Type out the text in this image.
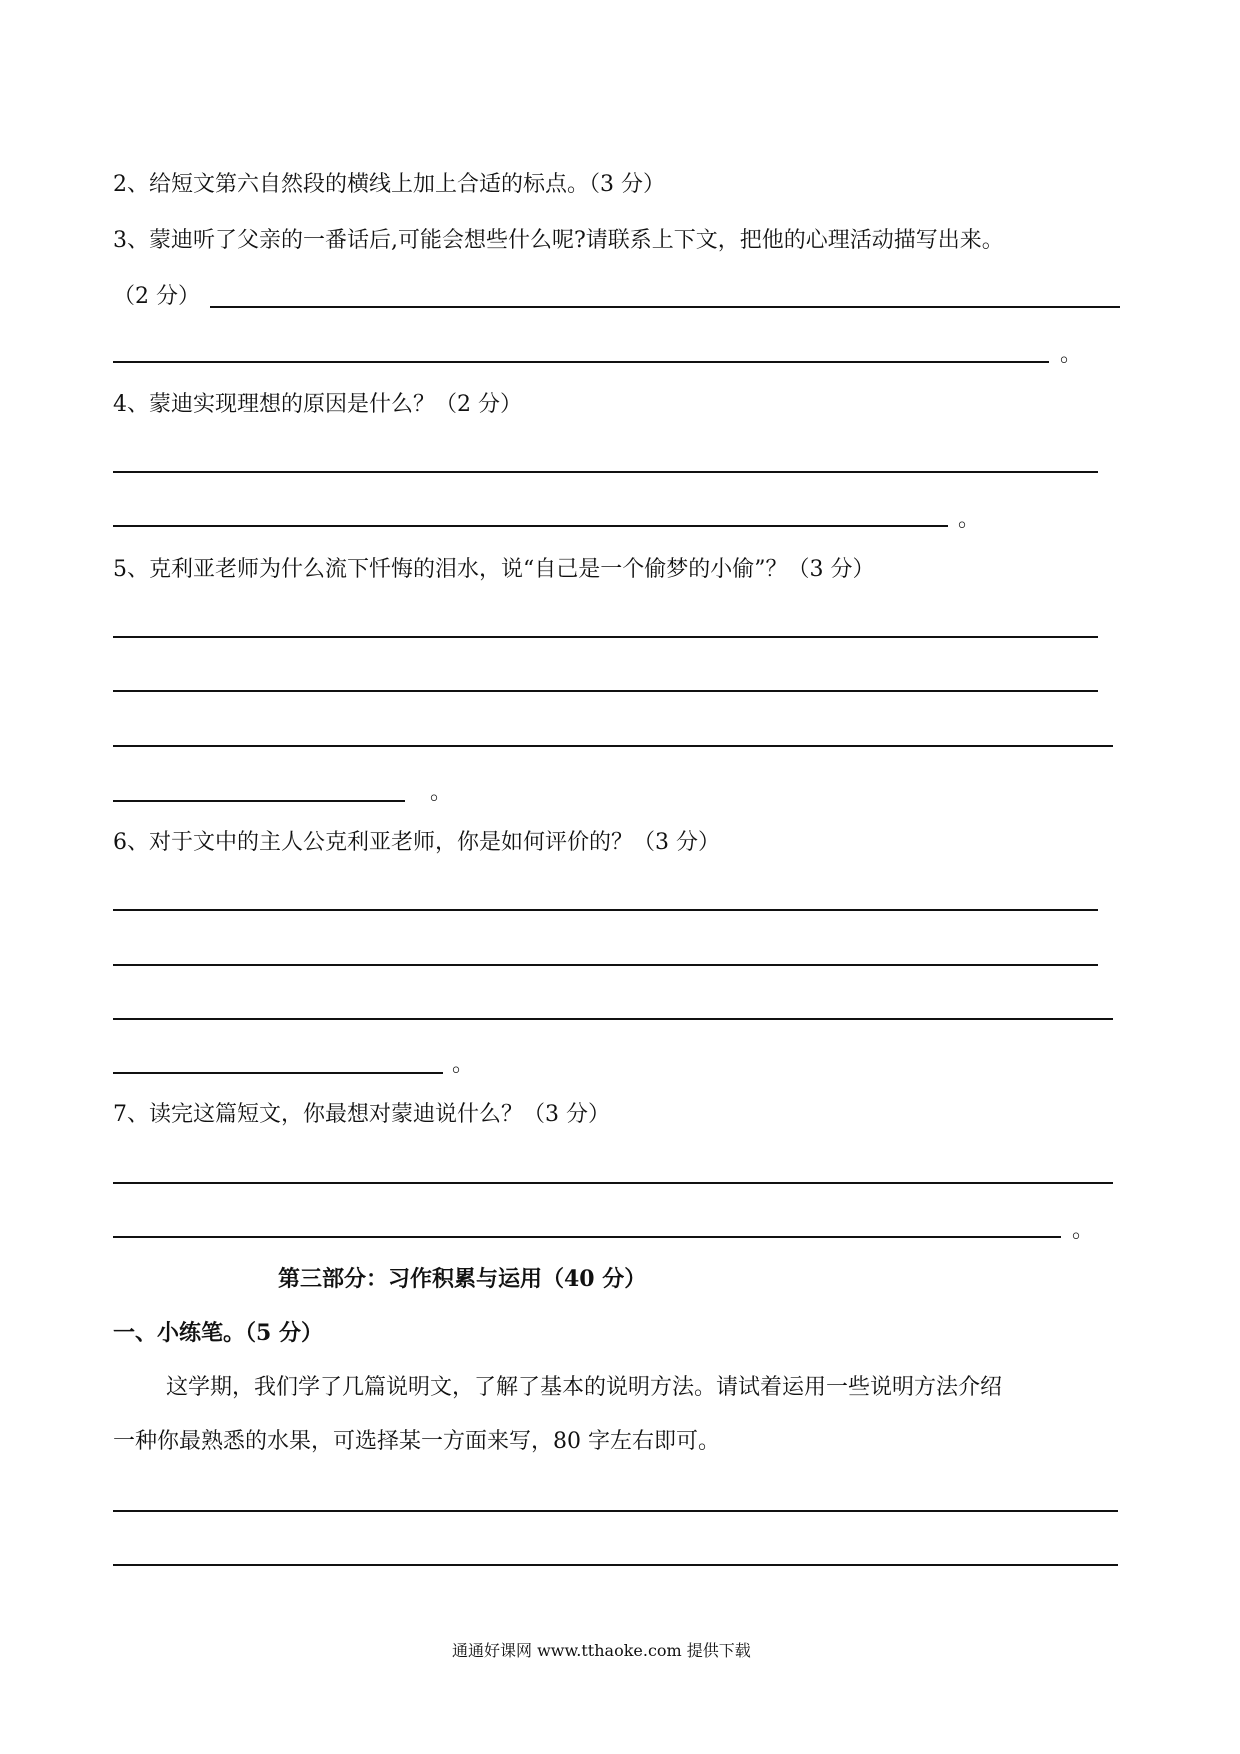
2、给短文第六自然段的横线上加上合适的标点。（3 分）
3、蒙迪听了父亲的一番话后,可能会想些什么呢?请联系上下文，把他的心理活动描写出来。
（2 分）
。
4、蒙迪实现理想的原因是什么？（2 分）
。
5、克利亚老师为什么流下忏悔的泪水，说“自己是一个偷梦的小偷”？（3 分）
。
6、对于文中的主人公克利亚老师，你是如何评价的？（3 分）
。
7、读完这篇短文，你最想对蒙迪说什么？（3 分）
。
第三部分：习作积累与运用（40 分）
一、小练笔。（5 分）
这学期，我们学了几篇说明文，了解了基本的说明方法。请试着运用一些说明方法介绍
一种你最熟悉的水果，可选择某一方面来写，80 字左右即可。
通通好课网 www.tthaoke.com 提供下载
